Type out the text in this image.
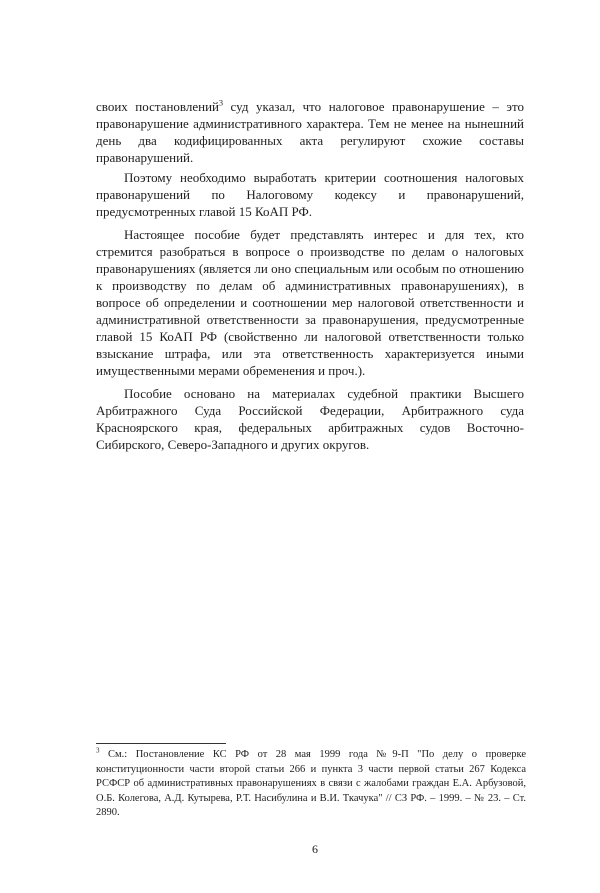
своих постановлений$^3$ суд указал, что налоговое правонарушение – это правонарушение административного характера. Тем не менее на нынешний день два кодифицированных акта регулируют схожие составы правонарушений.

Поэтому необходимо выработать критерии соотношения налоговых правонарушений по Налоговому кодексу и правонарушений, предусмотренных главой 15 КоАП РФ.

Настоящее пособие будет представлять интерес и для тех, кто стремится разобраться в вопросе о производстве по делам о налоговых правонарушениях (является ли оно специальным или особым по отношению к производству по делам об административных правонарушениях), в вопросе об определении и соотношении мер налоговой ответственности и административной ответственности за правонарушения, предусмотренные главой 15 КоАП РФ (свойственно ли налоговой ответственности только взыскание штрафа, или эта ответственность характеризуется иными имущественными мерами обременения и проч.).

Пособие основано на материалах судебной практики Высшего Арбитражного Суда Российской Федерации, Арбитражного суда Красноярского края, федеральных арбитражных судов Восточно-Сибирского, Северо-Западного и других округов.

$^3$ См.: Постановление КС РФ от 28 мая 1999 года №9-П "По делу о проверке конституционности части второй статьи 266 и пункта 3 части первой статьи 267 Кодекса РСФСР об административных правонарушениях в связи с жалобами граждан Е.А. Арбузовой, О.Б. Колегова, А.Д. Кутырева, Р.Т. Насибулина и В.И. Ткачука" // СЗ РФ. – 1999. – № 23. – Ст. 2890.
6
